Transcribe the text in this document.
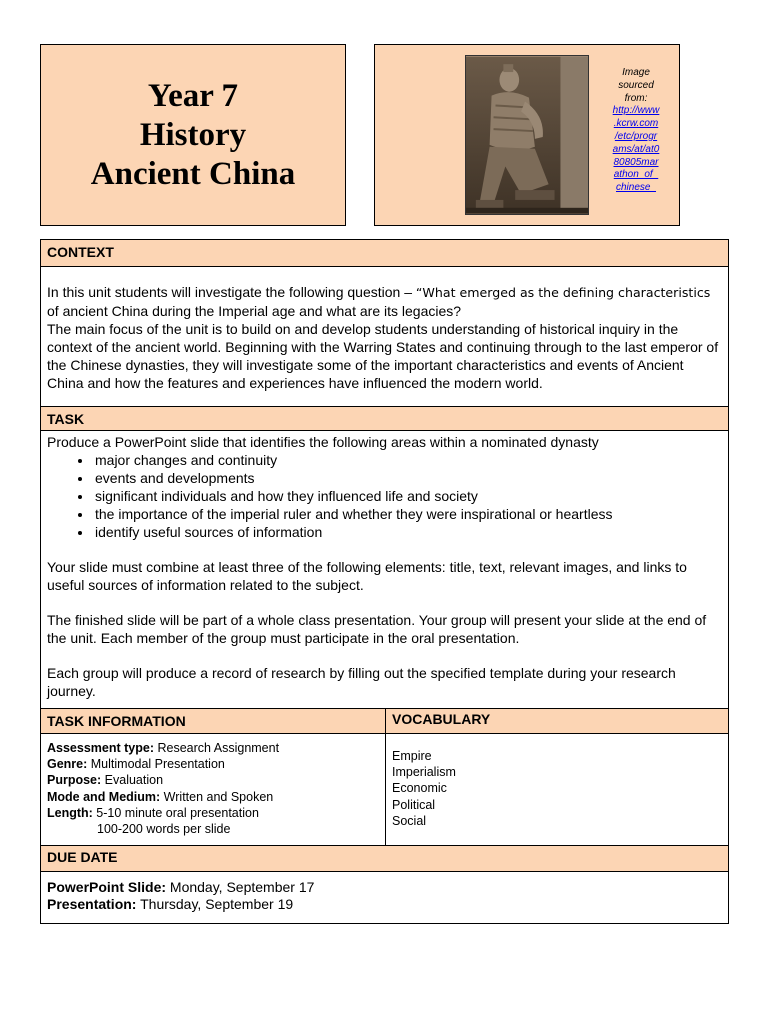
Year 7
History
Ancient China
Image
sourced
from:
http://www
.kcrw.com
/etc/progr
ams/at/at0
80805mar
athon_of_
chinese_
CONTEXT

In this unit students will investigate the following question – “What emerged as the defining characteristics
of ancient China during the Imperial age and what are its legacies?

The main focus of the unit is to build on and develop students understanding of historical inquiry in the context of the ancient world. Beginning with the Warring States and continuing through to the last emperor of the Chinese dynasties, they will investigate some of the important characteristics and events of Ancient China and how the features and experiences have influenced the modern world.

TASK

Produce a PowerPoint slide that identifies the following areas within a nominated dynasty

• major changes and continuity
• events and developments
• significant individuals and how they influenced life and society
• the importance of the imperial ruler and whether they were inspirational or heartless
• identify useful sources of information

Your slide must combine at least three of the following elements: title, text, relevant images, and links to useful sources of information related to the subject.

The finished slide will be part of a whole class presentation. Your group will present your slide at the end of the unit. Each member of the group must participate in the oral presentation.

Each group will produce a record of research by filling out the specified template during your research journey.

TASK INFORMATION	VOCABULARY
Assessment type: Research Assignment
Genre: Multimodal Presentation
Purpose: Evaluation
Mode and Medium: Written and Spoken
Length: 5-10 minute oral presentation
100-200 words per slide
Empire
Imperialism
Economic
Political
Social
DUE DATE
PowerPoint Slide: Monday, September 17
Presentation: Thursday, September 19
